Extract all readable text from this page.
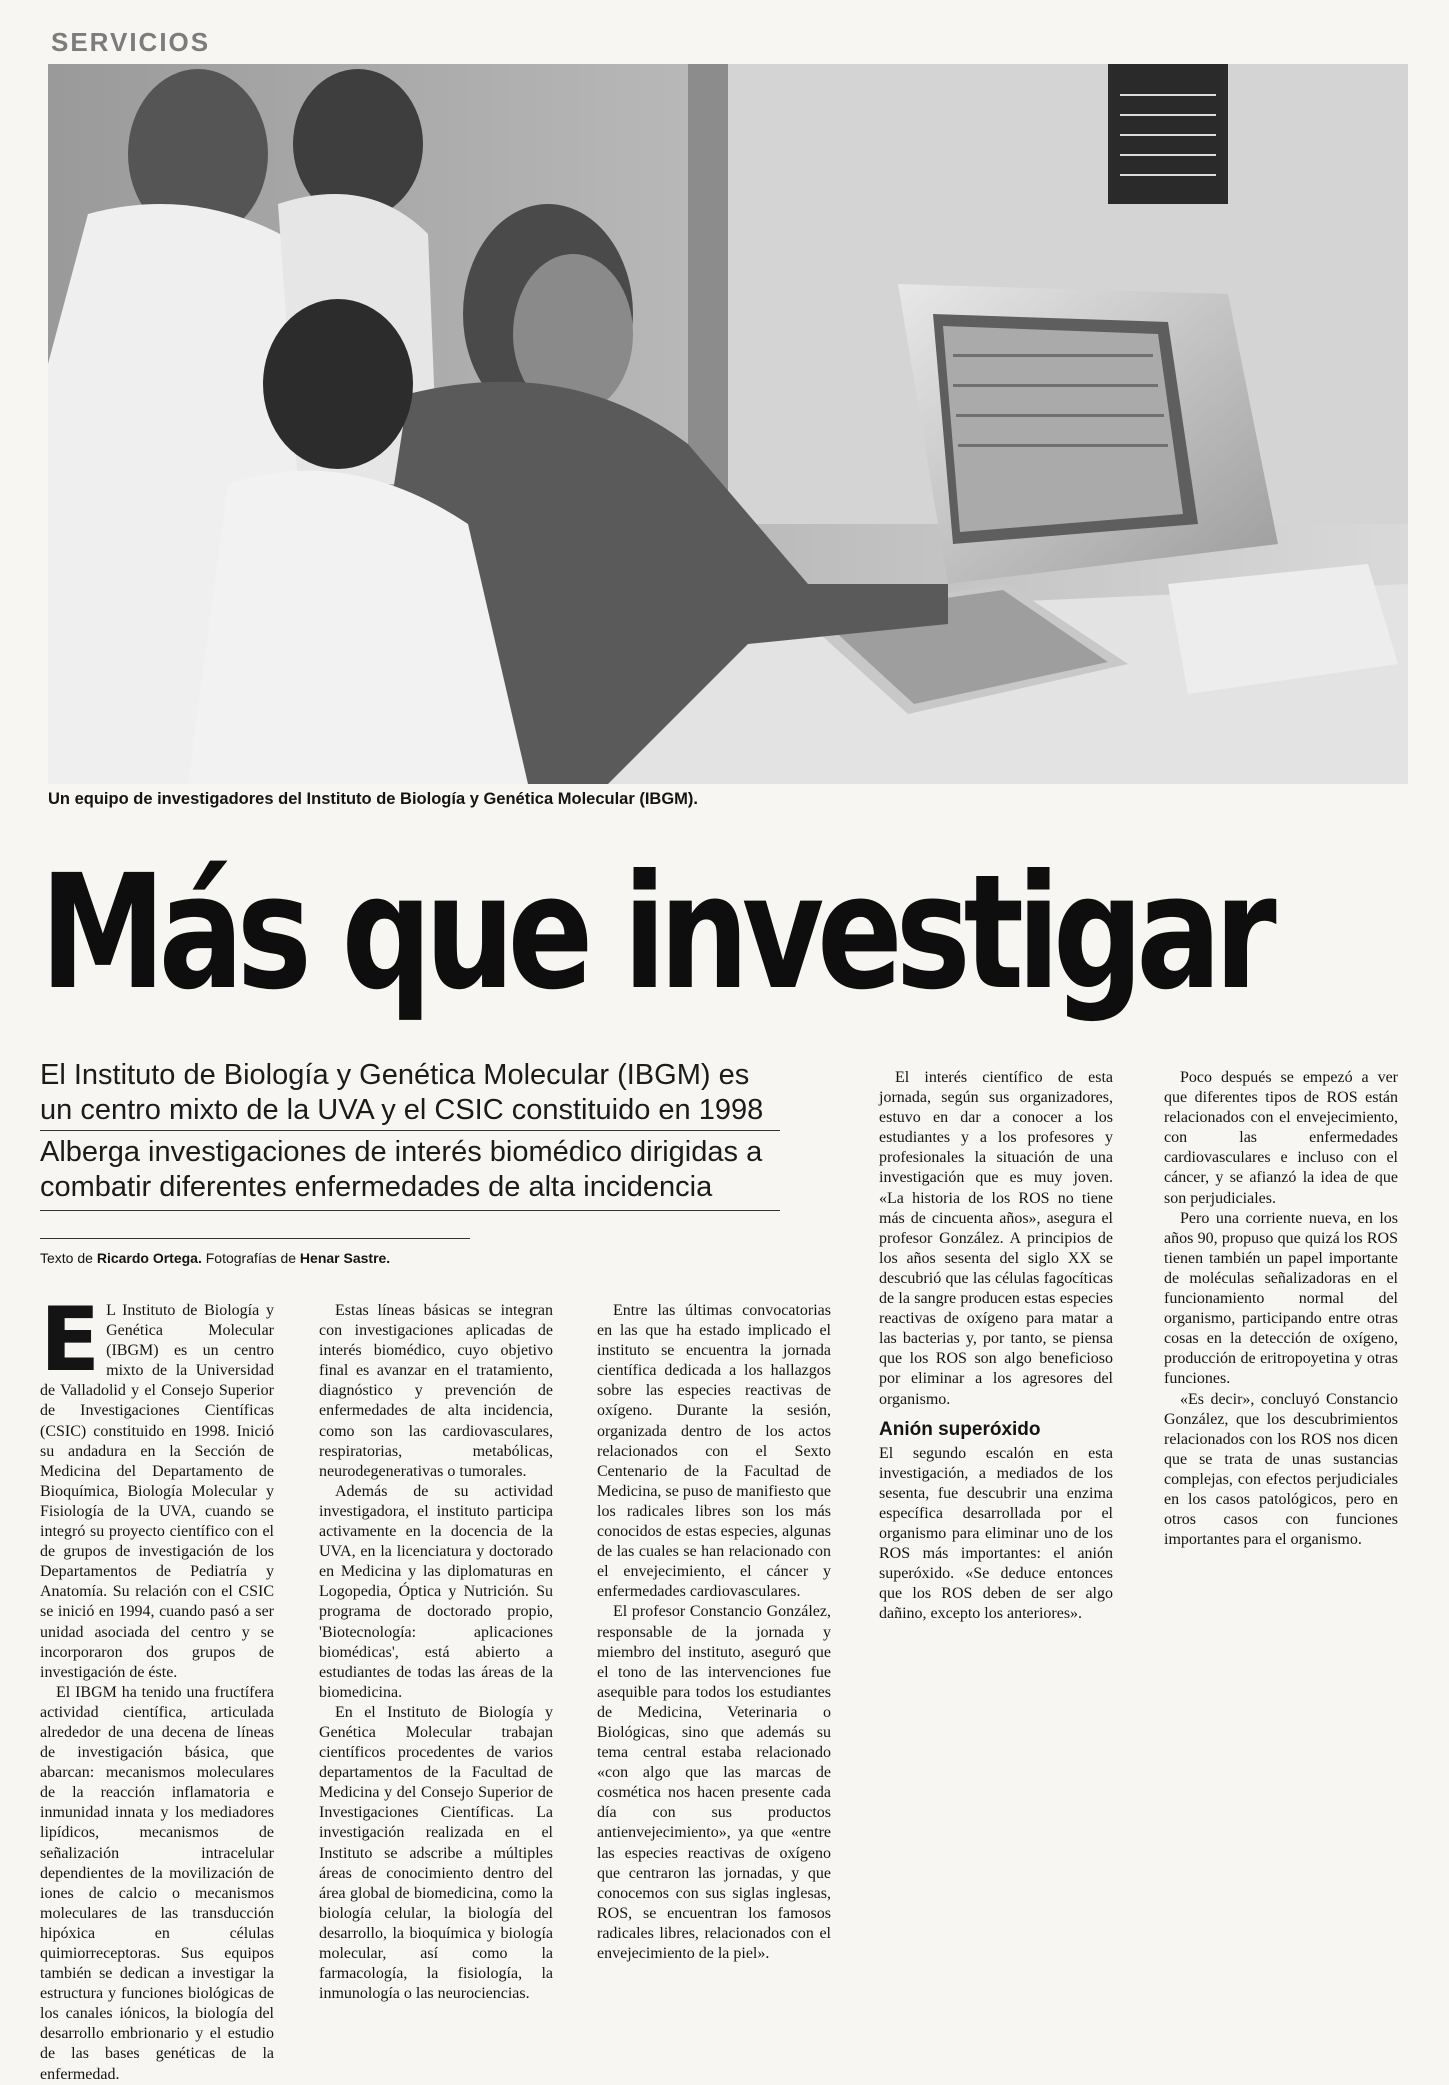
SERVICIOS
Un equipo de investigadores del Instituto de Biología y Genética Molecular (IBGM).
Más que investigar
El Instituto de Biología y Genética Molecular (IBGM) es un centro mixto de la UVA y el CSIC constituido en 1998
Alberga investigaciones de interés biomédico dirigidas a combatir diferentes enfermedades de alta incidencia
Texto de Ricardo Ortega. Fotografías de Henar Sastre.
E L Instituto de Biología y Genética Molecular (IBGM) es un centro mixto de la Universidad de Valladolid y el Consejo Superior de Investigaciones Científicas (CSIC) constituido en 1998. Inició su andadura en la Sección de Medicina del Departamento de Bioquímica, Biología Molecular y Fisiología de la UVA, cuando se integró su proyecto científico con el de grupos de investigación de los Departamentos de Pediatría y Anatomía. Su relación con el CSIC se inició en 1994, cuando pasó a ser unidad asociada del centro y se incorporaron dos grupos de investigación de éste.

El IBGM ha tenido una fructífera actividad científica, articulada alrededor de una decena de líneas de investigación básica, que abarcan: mecanismos moleculares de la reacción inflamatoria e inmunidad innata y los mediadores lipídicos, mecanismos de señalización intracelular dependientes de la movilización de iones de calcio o mecanismos moleculares de las transducción hipóxica en células quimiorreceptoras. Sus equipos también se dedican a investigar la estructura y funciones biológicas de los canales iónicos, la biología del desarrollo embrionario y el estudio de las bases genéticas de la enfermedad.

Estas líneas básicas se integran con investigaciones aplicadas de interés biomédico, cuyo objetivo final es avanzar en el tratamiento, diagnóstico y prevención de enfermedades de alta incidencia, como son las cardiovasculares, respiratorias, metabólicas, neurodegenerativas o tumorales.

Además de su actividad investigadora, el instituto participa activamente en la docencia de la UVA, en la licenciatura y doctorado en Medicina y las diplomaturas en Logopedia, Óptica y Nutrición. Su programa de doctorado propio, 'Biotecnología: aplicaciones biomédicas', está abierto a estudiantes de todas las áreas de la biomedicina.

En el Instituto de Biología y Genética Molecular trabajan científicos procedentes de varios departamentos de la Facultad de Medicina y del Consejo Superior de Investigaciones Científicas. La investigación realizada en el Instituto se adscribe a múltiples áreas de conocimiento dentro del área global de biomedicina, como la biología celular, la biología del desarrollo, la bioquímica y biología molecular, así como la farmacología, la fisiología, la inmunología o las neurociencias.

Entre las últimas convocatorias en las que ha estado implicado el instituto se encuentra la jornada científica dedicada a los hallazgos sobre las especies reactivas de oxígeno. Durante la sesión, organizada dentro de los actos relacionados con el Sexto Centenario de la Facultad de Medicina, se puso de manifiesto que los radicales libres son los más conocidos de estas especies, algunas de las cuales se han relacionado con el envejecimiento, el cáncer y enfermedades cardiovasculares.

El profesor Constancio González, responsable de la jornada y miembro del instituto, aseguró que el tono de las intervenciones fue asequible para todos los estudiantes de Medicina, Veterinaria o Biológicas, sino que además su tema central estaba relacionado «con algo que las marcas de cosmética nos hacen presente cada día con sus productos antienvejecimiento», ya que «entre las especies reactivas de oxígeno que centraron las jornadas, y que conocemos con sus siglas inglesas, ROS, se encuentran los famosos radicales libres, relacionados con el envejecimiento de la piel».

El interés científico de esta jornada, según sus organizadores, estuvo en dar a conocer a los estudiantes y a los profesores y profesionales la situación de una investigación que es muy joven. «La historia de los ROS no tiene más de cincuenta años», asegura el profesor González. A principios de los años sesenta del siglo XX se descubrió que las células fagocíticas de la sangre producen estas especies reactivas de oxígeno para matar a las bacterias y, por tanto, se piensa que los ROS son algo beneficioso por eliminar a los agresores del organismo.

Anión superóxido

El segundo escalón en esta investigación, a mediados de los sesenta, fue descubrir una enzima específica desarrollada por el organismo para eliminar uno de los ROS más importantes: el anión superóxido. «Se deduce entonces que los ROS deben de ser algo dañino, excepto los anteriores».

Poco después se empezó a ver que diferentes tipos de ROS están relacionados con el envejecimiento, con las enfermedades cardiovasculares e incluso con el cáncer, y se afianzó la idea de que son perjudiciales.

Pero una corriente nueva, en los años 90, propuso que quizá los ROS tienen también un papel importante de moléculas señalizadoras en el funcionamiento normal del organismo, participando entre otras cosas en la detección de oxígeno, producción de eritropoyetina y otras funciones.

«Es decir», concluyó Constancio González, que los descubrimientos relacionados con los ROS nos dicen que se trata de unas sustancias complejas, con efectos perjudiciales en los casos patológicos, pero en otros casos con funciones importantes para el organismo.
